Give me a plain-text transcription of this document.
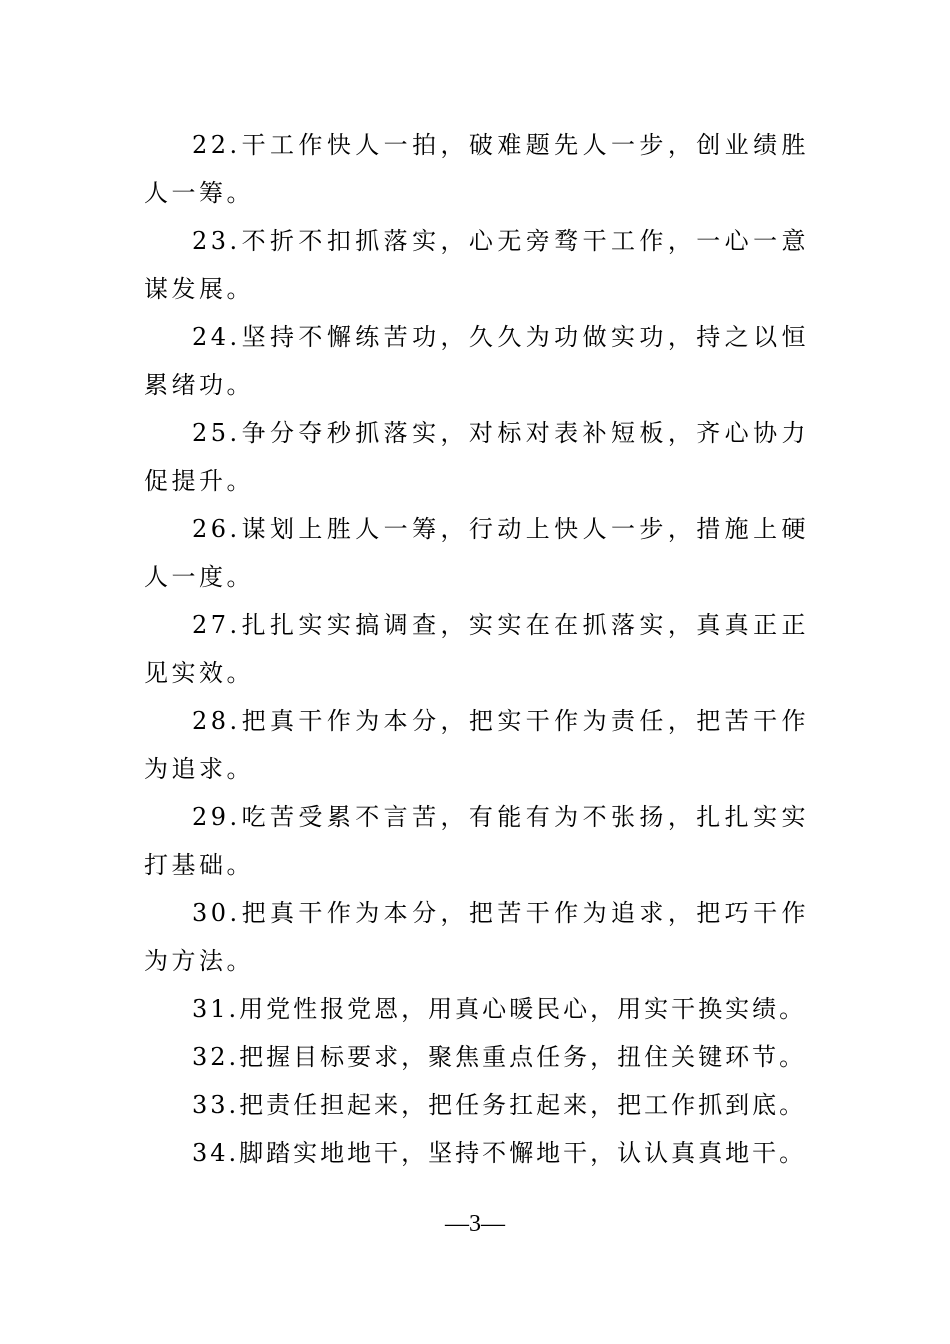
22.干工作快人一拍，破难题先人一步，创业绩胜人一筹。

23.不折不扣抓落实，心无旁骛干工作，一心一意谋发展。

24.坚持不懈练苦功，久久为功做实功，持之以恒累绪功。

25.争分夺秒抓落实，对标对表补短板，齐心协力促提升。

26.谋划上胜人一筹，行动上快人一步，措施上硬人一度。

27.扎扎实实搞调查，实实在在抓落实，真真正正见实效。

28.把真干作为本分，把实干作为责任，把苦干作为追求。

29.吃苦受累不言苦，有能有为不张扬，扎扎实实打基础。

30.把真干作为本分，把苦干作为追求，把巧干作为方法。

31.用党性报党恩，用真心暖民心，用实干换实绩。

32.把握目标要求，聚焦重点任务，扭住关键环节。

33.把责任担起来，把任务扛起来，把工作抓到底。

34.脚踏实地地干，坚持不懈地干，认认真真地干。

—3—
